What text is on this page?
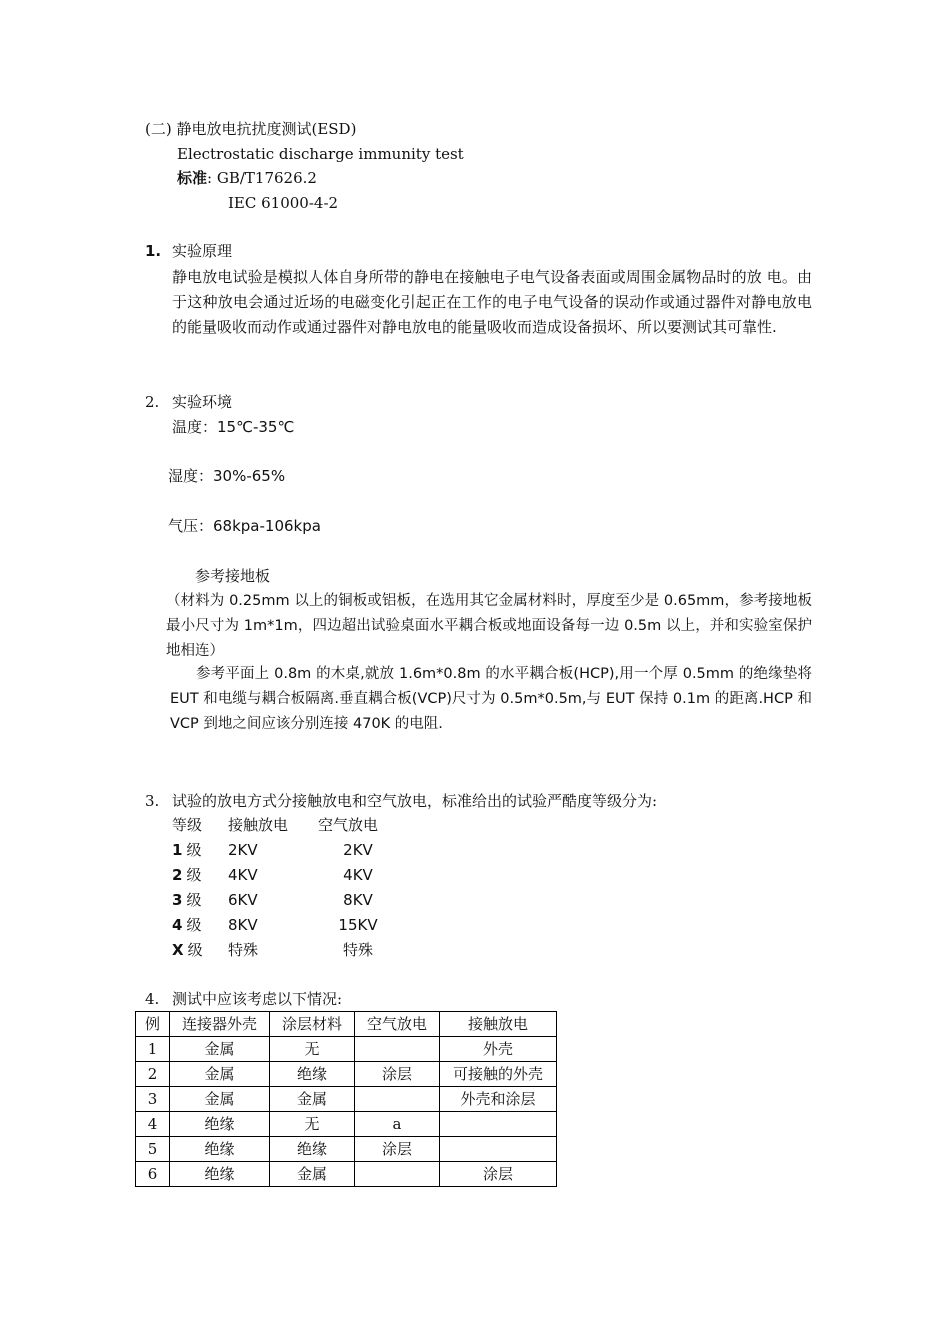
(二) 静电放电抗扰度测试(ESD)
Electrostatic discharge immunity test
标准: GB/T17626.2
IEC 61000-4-2
1. 实验原理
静电放电试验是模拟人体自身所带的静电在接触电子电气设备表面或周围金属物品时的放 电。由于这种放电会通过近场的电磁变化引起正在工作的电子电气设备的误动作或通过器件对静电放电的能量吸收而动作或通过器件对静电放电的能量吸收而造成设备损坏、所以要测试其可靠性.
2. 实验环境
温度：15℃-35℃
湿度：30%-65%
气压：68kpa-106kpa
参考接地板
（材料为 0.25mm 以上的铜板或铝板，在选用其它金属材料时，厚度至少是 0.65mm，参考接地板最小尺寸为 1m*1m，四边超出试验桌面水平耦合板或地面设备每一边 0.5m 以上，并和实验室保护地相连）
参考平面上 0.8m 的木桌,就放 1.6m*0.8m 的水平耦合板(HCP),用一个厚 0.5mm 的绝缘垫将 EUT 和电缆与耦合板隔离.垂直耦合板(VCP)尺寸为 0.5m*0.5m,与 EUT 保持 0.1m 的距离.HCP 和 VCP 到地之间应该分别连接 470K 的电阻.
3. 试验的放电方式分接触放电和空气放电，标准给出的试验严酷度等级分为:
等级	接触放电	空气放电
1 级	2KV	2KV
2 级	4KV	4KV
3 级	6KV	8KV
4 级	8KV	15KV
X 级	特殊	特殊
4. 测试中应该考虑以下情况:
例	连接器外壳	涂层材料	空气放电	接触放电
1	金属	无		外壳
2	金属	绝缘	涂层	可接触的外壳
3	金属	金属		外壳和涂层
4	绝缘	无	a	
5	绝缘	绝缘	涂层	
6	绝缘	金属		涂层
